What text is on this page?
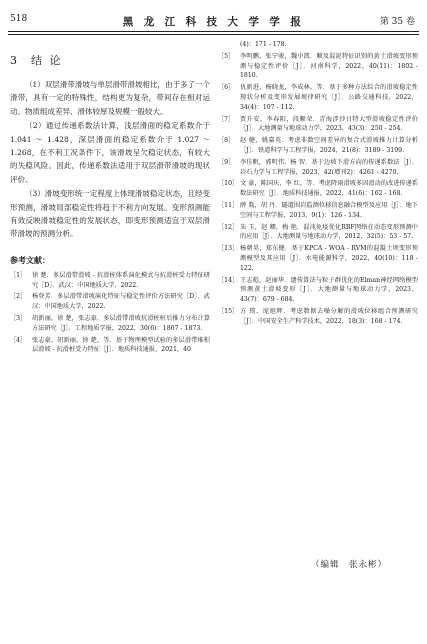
518	黑 龙 江 科 技 大 学 学 报	第 35 卷
3 结 论

（1）双层滑带滑坡与单层滑带滑坡相比，由于多了一个滑带，具有一定的特殊性，结构更为复杂，带间存在相对运动、物质组成差异、滑体较厚及规模一般较大。

（2）通过传递系数法计算，浅层滑面的稳定系数介于 1.041 ～ 1.428，深层滑面的稳定系数介于 1.027 ～ 1.268，在不利工况条件下，该滑坡呈欠稳定状态，有较大的失稳风险。因此，传递系数法适用于双层滑带滑坡的现状评价。

（3）滑坡变形统一定程度上体现滑坡稳定状态，且经变形预测，滑坡局部稳定性将趋于不利方向发展。变形预测能有效反映滑坡稳定性的发展状态，即变形预测适宜于双层滑带滑坡的预测分析。

参考文献：
［1］ 徐 楚．多层滑带滑坡 - 抗滑桩体系演化模式与抗滑桩受力特征研究［D］．武汉：中国地质大学，2022.
［2］ 杨登芳．多层滑带滑坡演化特征与稳定性评价方法研究［D］．武汉：中国地质大学，2022.
［3］ 胡新丽，徐 楚，张志豪．多层滑带滑坡抗滑桩桩后推力分布计算方法研究［J］．工程地质学报，2022，30(6)：1867 - 1873.
［4］ 张志豪，胡新丽，徐 楚，等．基于物理模型试验的多层滑带堆积层滑坡 - 抗滑桩受力特征［J］．地质科技通报，2021，40
(4)：171 - 178.
［5］ 李明鹏，张宁骏，魏中凯．顺及混泥特征识别的黄土滑坡变形预测与稳定性评价［J］．河南科学，2022，40(11)：1802 - 1810.
［6］ 仇新进，杨晓龙，李成林，等．基于多种方法综合的滑坡稳定性现状分析及变形发展规律研究［J］．公路交通科技，2022，34(4)：107 - 112.
［7］ 贾升安，李春阳，段顺荣．青海涉沙日特大型滑坡稳定性评价［J］．大地测量与地球动力学，2023，43(3)：250 - 254.
［8］ 赵 健，姚嘉英．考虑非数空间差异的复合式滑坡推力计算分析［J］．铁道科学与工程学报，2024，21(8)：3189 - 3199.
［9］ 李佳帆，郭明伟，杨 智．基于边坡下滑方向的传递系数法［J］．岩石力学与工程学报，2023，42(增刊2)：4261 - 4270.
［10］ 文 豪，陈国庆，李 红，等．考虑降雨滑坡多因滑动的改进传递系数法研究［J］．地质科技通报，2022，41(6)：162 - 168.
［11］ 薛 胤，胡 丹．隧道围岩监测位移信息融合模型及应用［J］．地下空间与工程学报，2013，9(1)：126 - 134.
［12］ 朱 玉，赵 卿，梅 艳．混沌免疫优化RBF网络在动态变形预测中的应用［J］．大地测量与地球动力学，2012，32(5)：53 - 57.
［13］ 杨朝昊，郑东健．基于KPCA - WOA - RVM的混凝土坝变形预测模型及其应用［J］．水电能源科学，2022，40(10)：118 - 122.
［14］ 王志彪，赵丽华．遗传算法与粒子群优化的Elman神经网络模型预测黄土滑坡变形［J］．大地测量与地球动力学，2023，43(7)：679 - 684.
［15］ 方 筠，庞旭辉．考虑数据去噪分解的滑坡位移组合预测研究［J］．中国安全生产科学技术，2022，18(3)：168 - 174.
（编辑　张永彬）
